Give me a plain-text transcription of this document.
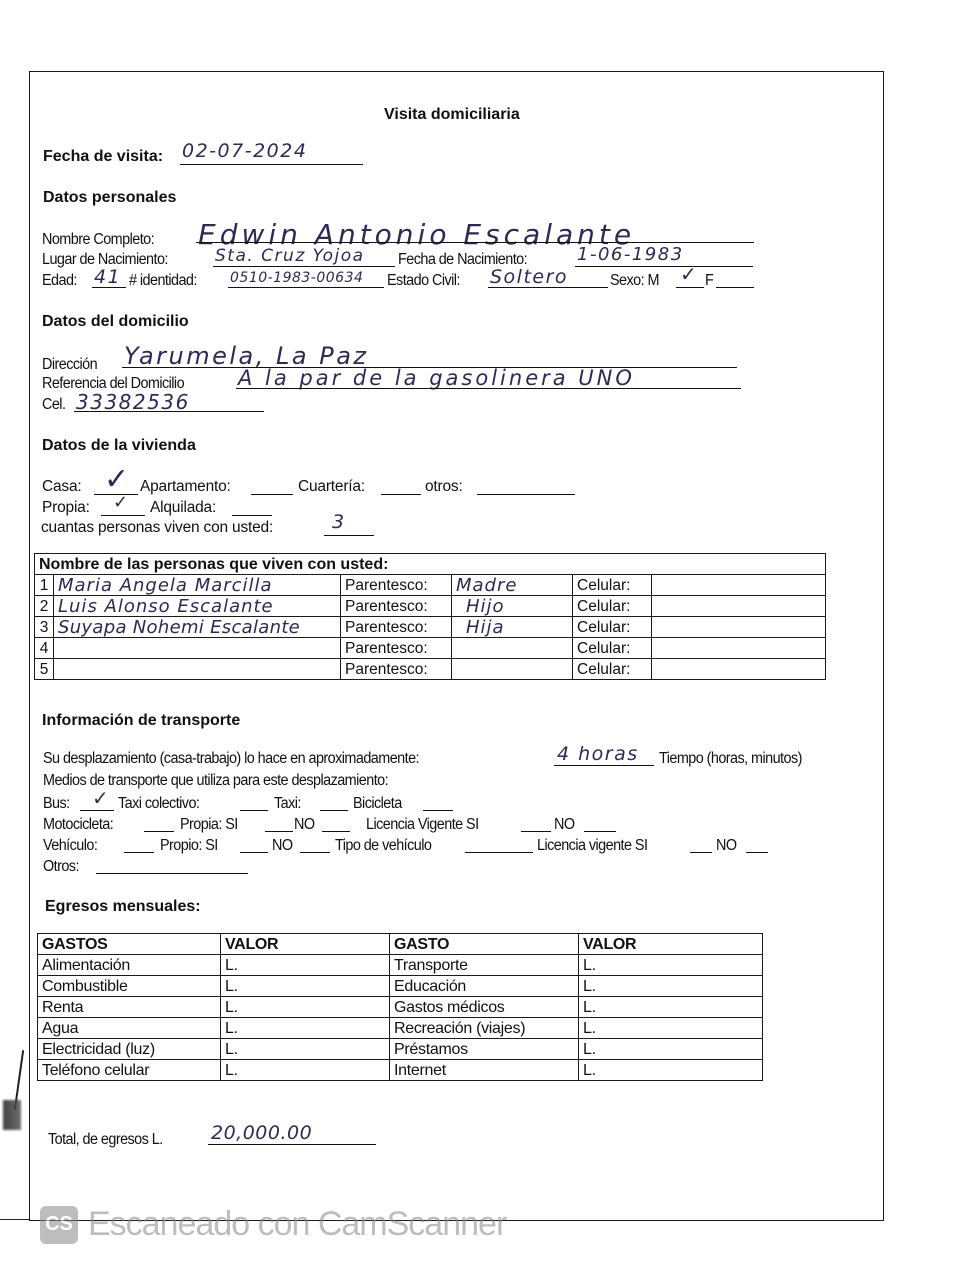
Visita domiciliaria
Fecha de visita: 02-07-2024
Datos personales
Nombre Completo: Edwin Antonio Escalante
Lugar de Nacimiento:	Sta. Cruz Yojoa Fecha de Nacimiento:	1-06-1983
Edad: 41 # identidad: 0510-1983-00634 Estado Civil: Soltero	Sexo: M ✓ F
Datos del domicilio
Dirección Yarumela, La Paz
Referencia del Domicilio	A la par de la gasolinera UNO
Cel. 33382536
Datos de la vivienda
Casa: ✓ Apartamento:	Cuartería:	otros:
Propia: ✓ Alquilada:
cuantas personas viven con usted:	3
Nombre de las personas que viven con usted:					
1	Maria Angela Marcilla	Parentesco:	Madre	Celular:	
2	Luis Alonso Escalante	Parentesco:	Hijo	Celular:	
3	Suyapa Nohemi Escalante	Parentesco:	Hija	Celular:	
4		Parentesco:		Celular:	
5		Parentesco:		Celular:	
Información de transporte
Su desplazamiento (casa-trabajo) lo hace en aproximadamente:	4 horas Tiempo (horas, minutos)
Medios de transporte que utiliza para este desplazamiento:
Bus: ✓ Taxi colectivo:	Taxi:	Bicicleta
Motocicleta:	Propia: SI	NO	Licencia Vigente SI	NO
Vehículo:	Propio: SI	NO	Tipo de vehículo	Licencia vigente SI	NO
Otros:
Egresos mensuales:
GASTOS	VALOR	GASTO	VALOR
Alimentación	L.	Transporte	L.
Combustible	L.	Educación	L.
Renta	L.	Gastos médicos	L.
Agua	L.	Recreación (viajes)	L.
Electricidad (luz)	L.	Préstamos	L.
Teléfono celular	L.	Internet	L.
Total, de egresos L.	20,000.00
CS Escaneado con CamScanner
